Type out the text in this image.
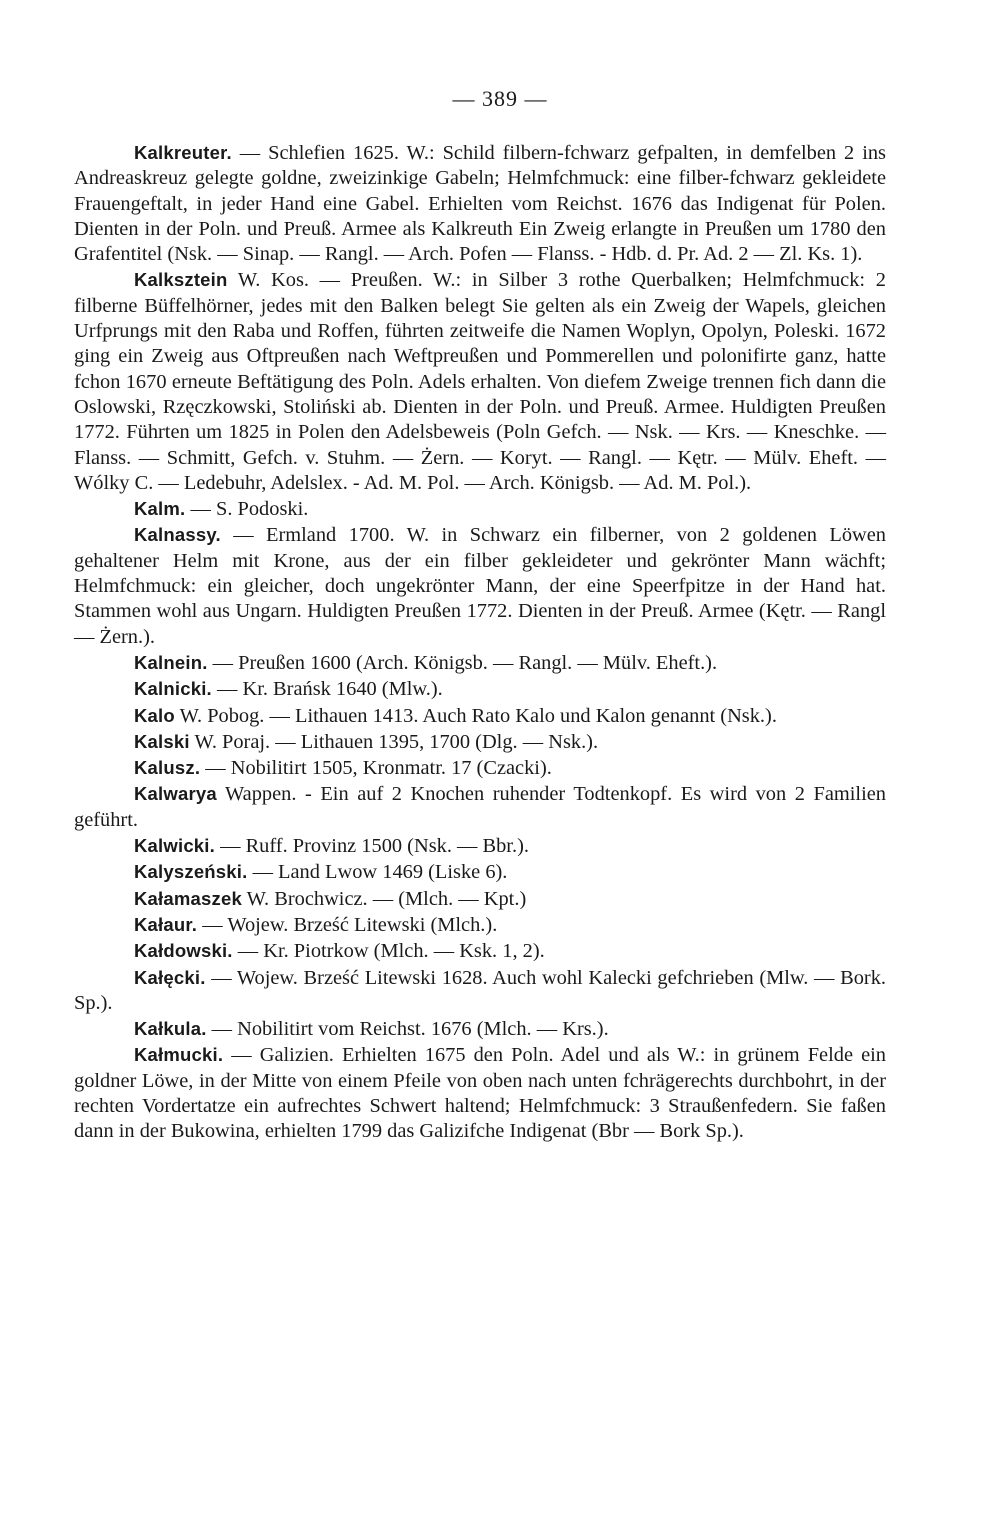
— 389 —

Kalkreuter. — Schlefien 1625. W.: Schild filbern-fchwarz gefpalten, in demfelben 2 ins Andreaskreuz gelegte goldne, zweizinkige Gabeln; Helmfchmuck: eine filber-fchwarz gekleidete Frauengeftalt, in jeder Hand eine Gabel. Erhielten vom Reichst. 1676 das Indigenat für Polen. Dienten in der Poln. und Preuß. Armee als Kalkreuth Ein Zweig erlangte in Preußen um 1780 den Grafentitel (Nsk. — Sinap. — Rangl. — Arch. Pofen — Flanss. - Hdb. d. Pr. Ad. 2 — Zl. Ks. 1).

Kalksztein W. Kos. — Preußen. W.: in Silber 3 rothe Querbalken; Helmfchmuck: 2 filberne Büffelhörner, jedes mit den Balken belegt Sie gelten als ein Zweig der Wapels, gleichen Urfprungs mit den Raba und Roffen, führten zeitweife die Namen Woplyn, Opolyn, Poleski. 1672 ging ein Zweig aus Oftpreußen nach Weftpreußen und Pommerellen und polonifirte ganz, hatte fchon 1670 erneute Beftätigung des Poln. Adels erhalten. Von diefem Zweige trennen fich dann die Oslowski, Rzęczkowski, Stoliński ab. Dienten in der Poln. und Preuß. Armee. Huldigten Preußen 1772. Führten um 1825 in Polen den Adelsbeweis (Poln Gefch. — Nsk. — Krs. — Kneschke. — Flanss. — Schmitt, Gefch. v. Stuhm. — Żern. — Koryt. — Rangl. — Kętr. — Mülv. Eheft. — Wólky C. — Ledebuhr, Adelslex. - Ad. M. Pol. — Arch. Königsb. — Ad. M. Pol.).

Kalm. — S. Podoski.

Kalnassy. — Ermland 1700. W. in Schwarz ein filberner, von 2 goldenen Löwen gehaltener Helm mit Krone, aus der ein filber gekleideter und gekrönter Mann wächft; Helmfchmuck: ein gleicher, doch ungekrönter Mann, der eine Speerfpitze in der Hand hat. Stammen wohl aus Ungarn. Huldigten Preußen 1772. Dienten in der Preuß. Armee (Kętr. — Rangl — Żern.).

Kalnein. — Preußen 1600 (Arch. Königsb. — Rangl. — Mülv. Eheft.).

Kalnicki. — Kr. Brańsk 1640 (Mlw.).

Kalo W. Pobog. — Lithauen 1413. Auch Rato Kalo und Kalon genannt (Nsk.).

Kalski W. Poraj. — Lithauen 1395, 1700 (Dlg. — Nsk.).

Kalusz. — Nobilitirt 1505, Kronmatr. 17 (Czacki).

Kalwarya Wappen. - Ein auf 2 Knochen ruhender Todtenkopf. Es wird von 2 Familien geführt.

Kalwicki. — Ruff. Provinz 1500 (Nsk. — Bbr.).

Kalyszeński. — Land Lwow 1469 (Liske 6).

Kałamaszek W. Brochwicz. — (Mlch. — Kpt.)

Kałaur. — Wojew. Brześć Litewski (Mlch.).

Kałdowski. — Kr. Piotrkow (Mlch. — Ksk. 1, 2).

Kałęcki. — Wojew. Brześć Litewski 1628. Auch wohl Kalecki gefchrieben (Mlw. — Bork. Sp.).

Kałkula. — Nobilitirt vom Reichst. 1676 (Mlch. — Krs.).

Kałmucki. — Galizien. Erhielten 1675 den Poln. Adel und als W.: in grünem Felde ein goldner Löwe, in der Mitte von einem Pfeile von oben nach unten fchrägerechts durchbohrt, in der rechten Vordertatze ein aufrechtes Schwert haltend; Helmfchmuck: 3 Straußenfedern. Sie faßen dann in der Bukowina, erhielten 1799 das Galizifche Indigenat (Bbr — Bork Sp.).
